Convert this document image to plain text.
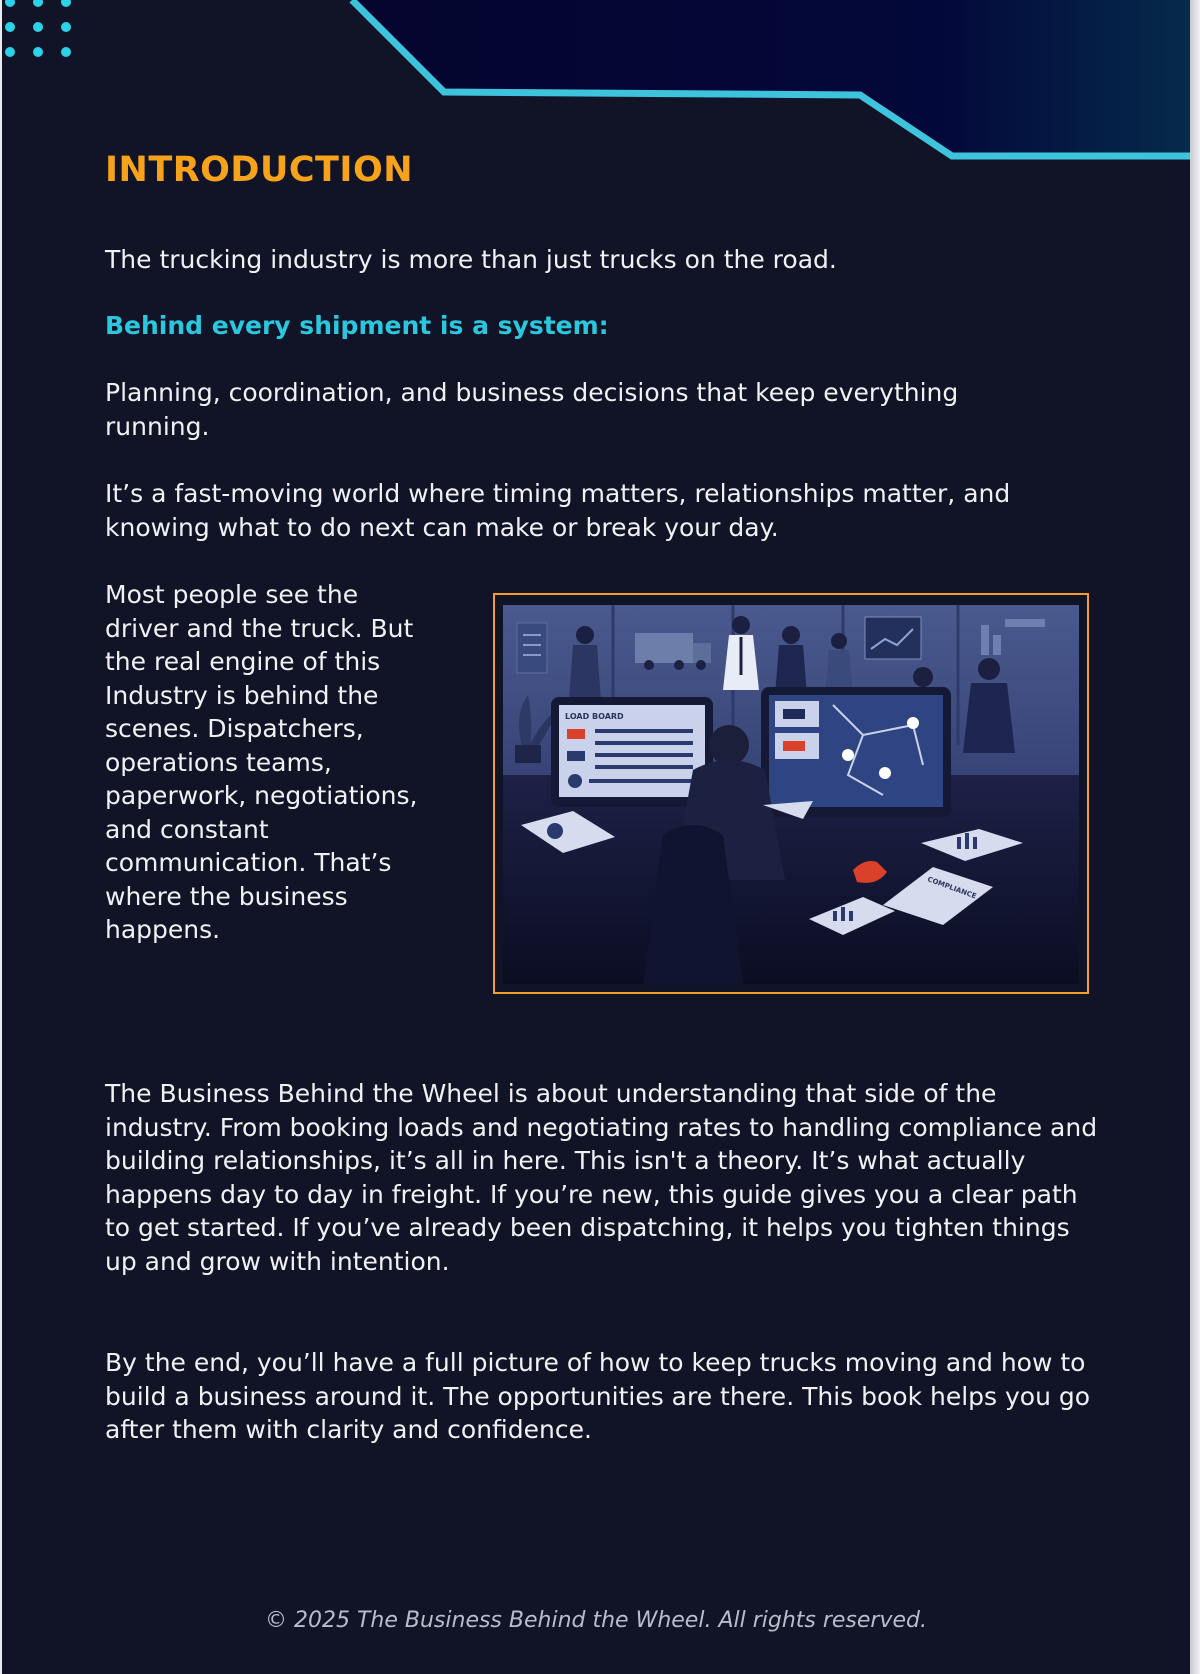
INTRODUCTION

The trucking industry is more than just trucks on the road.

Behind every shipment is a system:

Planning, coordination, and business decisions that keep everything running.

It’s a fast-moving world where timing matters, relationships matter, and knowing what to do next can make or break your day.

Most people see the driver and the truck. But the real engine of this Industry is behind the scenes. Dispatchers, operations teams, paperwork, negotiations, and constant communication. That’s where the business happens.

LOAD BOARD
COMPLIANCE

The Business Behind the Wheel is about understanding that side of the industry. From booking loads and negotiating rates to handling compliance and building relationships, it’s all in here. This isn't a theory. It’s what actually happens day to day in freight. If you’re new, this guide gives you a clear path to get started. If you’ve already been dispatching, it helps you tighten things up and grow with intention.

By the end, you’ll have a full picture of how to keep trucks moving and how to build a business around it. The opportunities are there. This book helps you go after them with clarity and confidence.

© 2025 The Business Behind the Wheel. All rights reserved.
